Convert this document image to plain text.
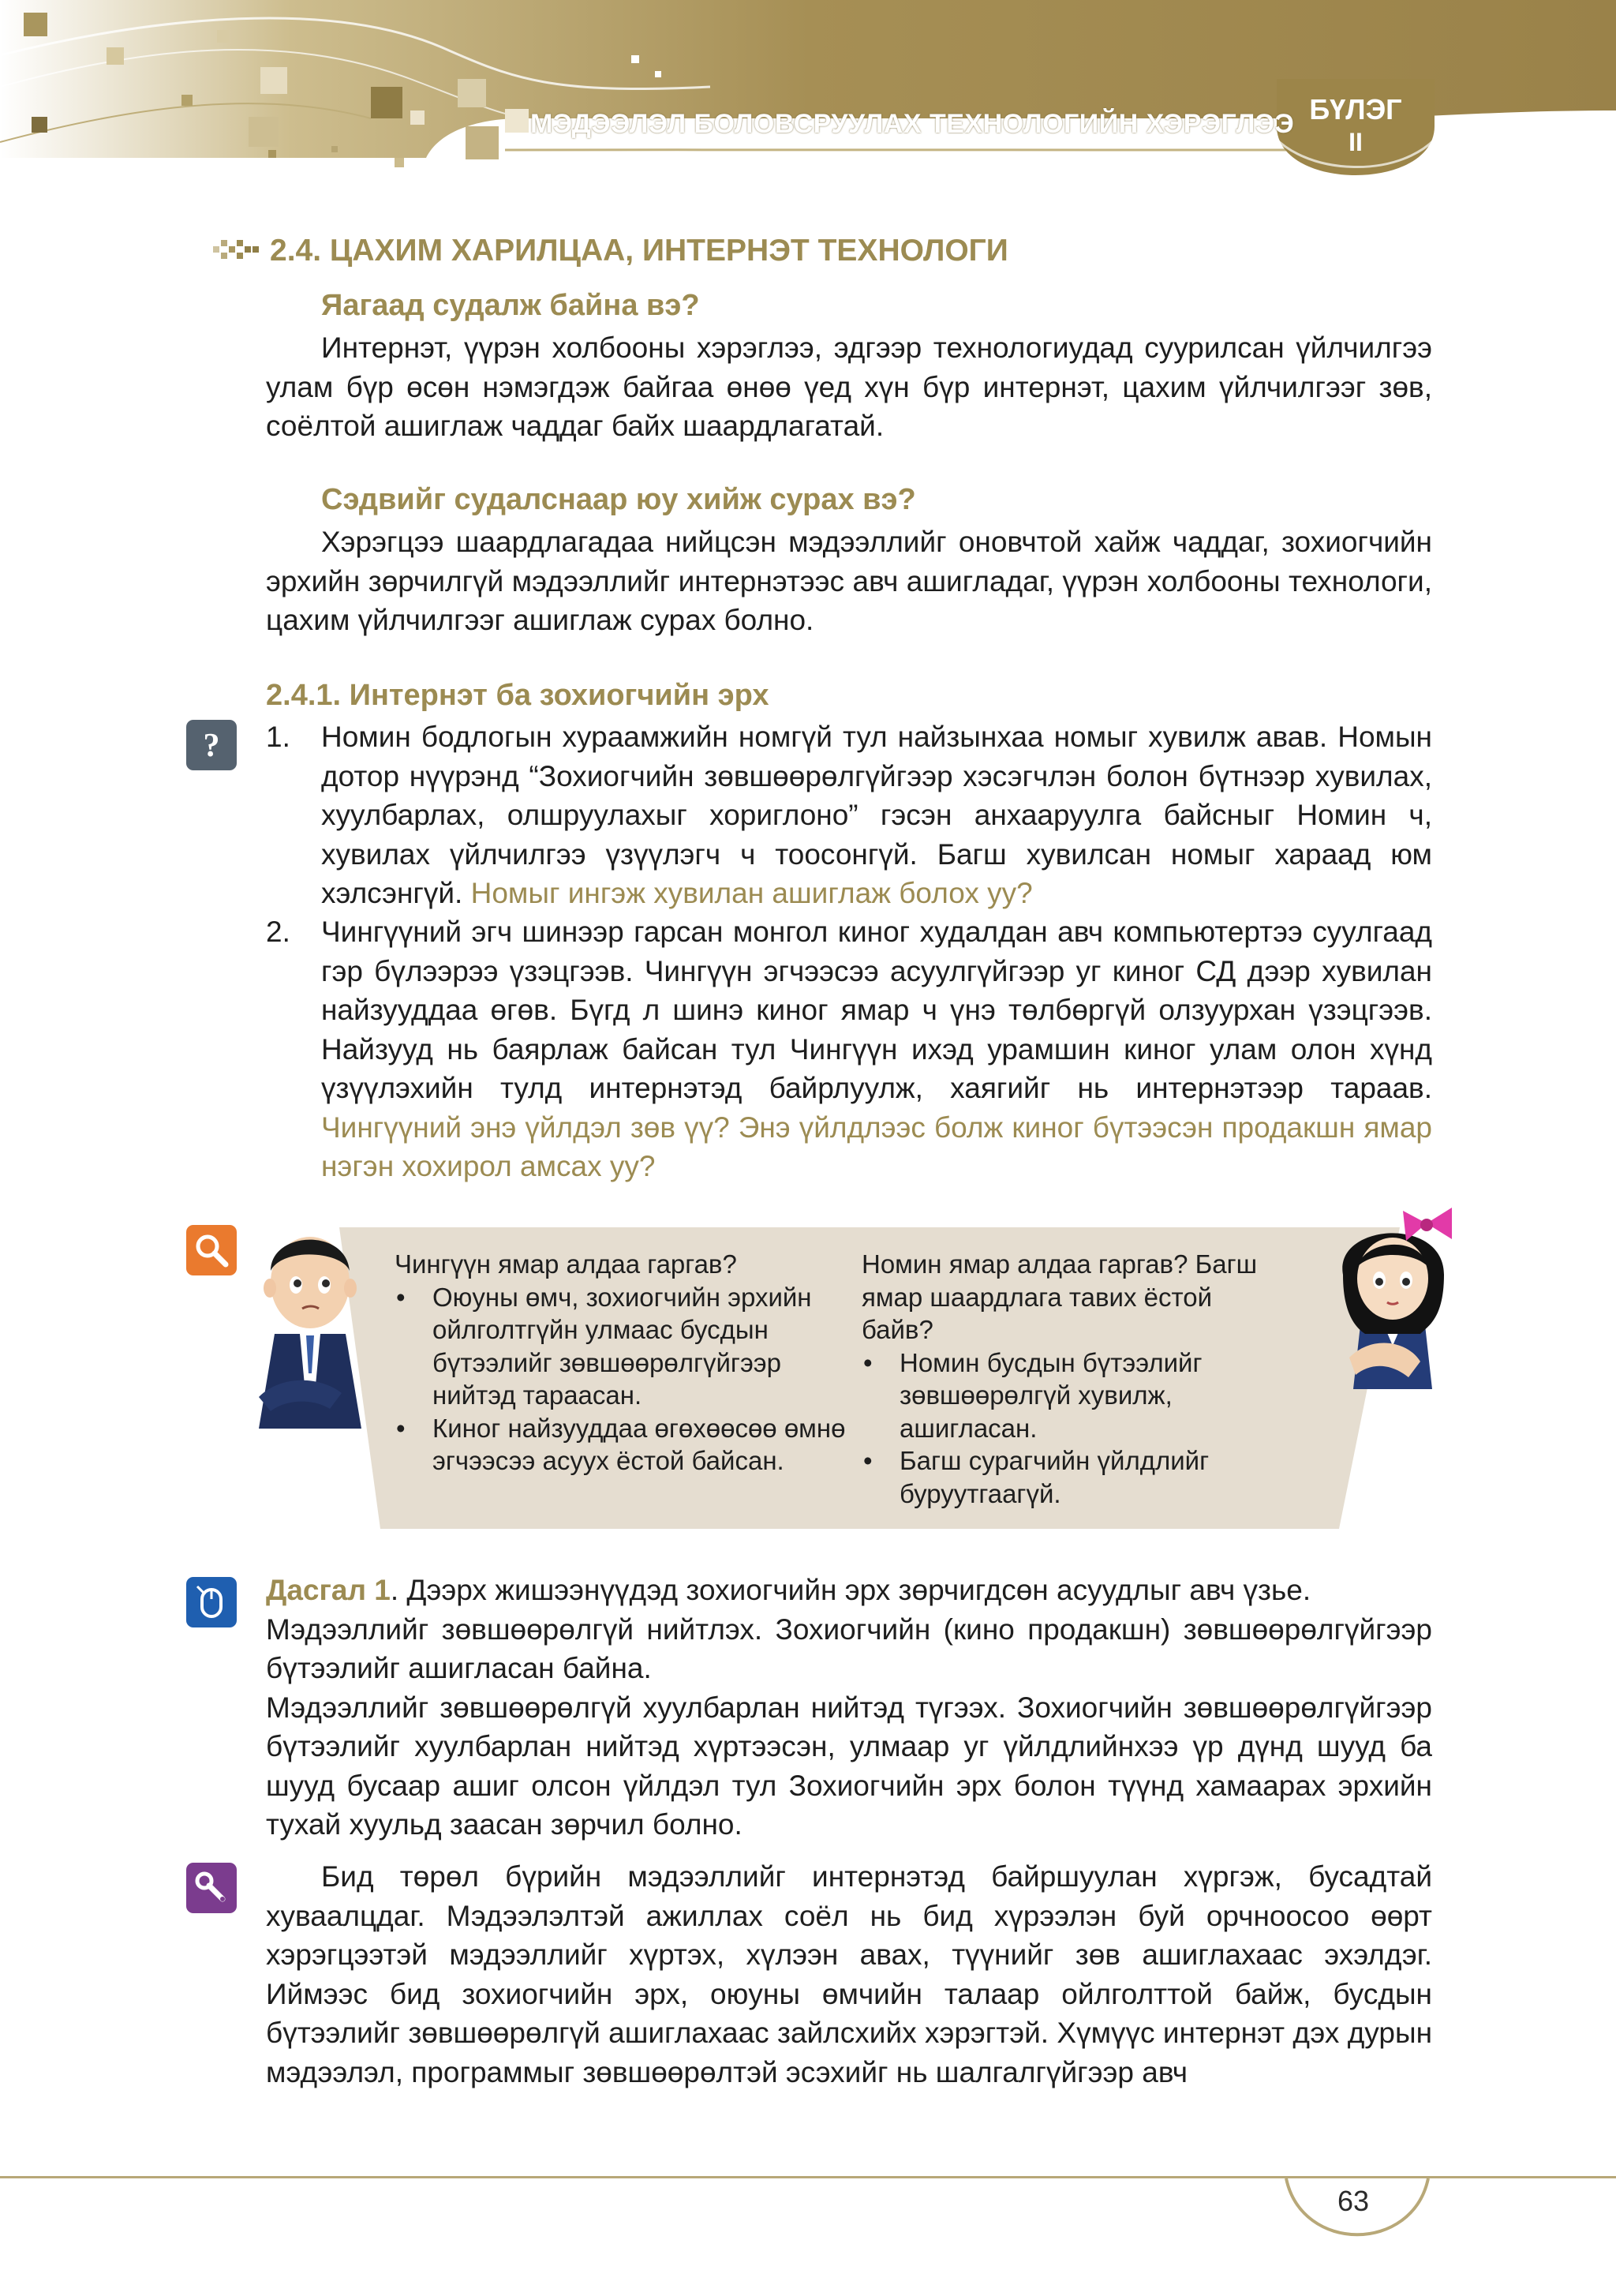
МЭДЭЭЛЭЛ БОЛОВСРУУЛАХ ТЕХНОЛОГИЙН ХЭРЭГЛЭЭ БҮЛЭГ
II
2.4. ЦАХИМ ХАРИЛЦАА, ИНТЕРНЭТ ТЕХНОЛОГИ
Яагаад судалж байна вэ?
Интернэт, үүрэн холбооны хэрэглээ, эдгээр технологиудад суурилсан үйлчилгээ улам бүр өсөн нэмэгдэж байгаа өнөө үед хүн бүр интернэт, цахим үйлчилгээг зөв, соёлтой ашиглаж чаддаг байх шаардлагатай.
Сэдвийг судалснаар юу хийж сурах вэ?
Хэрэгцээ шаардлагадаа нийцсэн мэдээллийг оновчтой хайж чаддаг, зохиогчийн эрхийн зөрчилгүй мэдээллийг интернэтээс авч ашигладаг, үүрэн холбооны технологи, цахим үйлчилгээг ашиглаж сурах болно.
2.4.1. Интернэт ба зохиогчийн эрх
? 1. Номин бодлогын хураамжийн номгүй тул найзынхаа номыг хувилж авав. Номын дотор нүүрэнд “Зохиогчийн зөвшөөрөлгүйгээр хэсэгчлэн болон бүтнээр хувилах, хуулбарлах, олшруулахыг хориглоно” гэсэн анхааруулга байсныг Номин ч, хувилах үйлчилгээ үзүүлэгч ч тоосонгүй. Багш хувилсан номыг хараад юм хэлсэнгүй. Номыг ингэж хувилан ашиглаж болох уу?
2. Чингүүний эгч шинээр гарсан монгол киног худалдан авч компьютертээ суулгаад гэр бүлээрээ үзэцгээв. Чингүүн эгчээсээ асуулгүйгээр уг киног СД дээр хувилан найзууддаа өгөв. Бүгд л шинэ киног ямар ч үнэ төлбөргүй олзуурхан үзэцгээв. Найзууд нь баярлаж байсан тул Чингүүн ихэд урамшин киног улам олон хүнд үзүүлэхийн тулд интернэтэд байрлуулж, хаягийг нь интернэтээр тараав. Чингүүний энэ үйлдэл зөв үү? Энэ үйлдлээс болж киног бүтээсэн продакшн ямар нэгэн хохирол амсах уу?
Чингүүн ямар алдаа гаргав?
• Оюуны өмч, зохиогчийн эрхийн ойлголтгүйн улмаас бусдын бүтээлийг зөвшөөрөлгүйгээр нийтэд тараасан.
• Киног найзууддаа өгөхөөсөө өмнө эгчээсээ асуух ёстой байсан.
Номин ямар алдаа гаргав? Багш ямар шаардлага тавих ёстой байв?
• Номин бусдын бүтээлийг зөвшөөрөлгүй хувилж, ашигласан.
• Багш сурагчийн үйлдлийг буруутгаагүй.
Дасгал 1. Дээрх жишээнүүдэд зохиогчийн эрх зөрчигдсөн асуудлыг авч үзье.
Мэдээллийг зөвшөөрөлгүй нийтлэх. Зохиогчийн (кино продакшн) зөвшөөрөлгүйгээр бүтээлийг ашигласан байна.
Мэдээллийг зөвшөөрөлгүй хуулбарлан нийтэд түгээх. Зохиогчийн зөвшөөрөлгүйгээр бүтээлийг хуулбарлан нийтэд хүртээсэн, улмаар уг үйлдлийнхээ үр дүнд шууд ба шууд бусаар ашиг олсон үйлдэл тул Зохиогчийн эрх болон түүнд хамаарах эрхийн тухай хуульд заасан зөрчил болно.
Бид төрөл бүрийн мэдээллийг интернэтэд байршуулан хүргэж, бусадтай хуваалцдаг. Мэдээлэлтэй ажиллах соёл нь бид хүрээлэн буй орчноосоо өөрт хэрэгцээтэй мэдээллийг хүртэх, хүлээн авах, түүнийг зөв ашиглахаас эхэлдэг. Иймээс бид зохиогчийн эрх, оюуны өмчийн талаар ойлголттой байж, бусдын бүтээлийг зөвшөөрөлгүй ашиглахаас зайлсхийх хэрэгтэй. Хүмүүс интернэт дэх дурын мэдээлэл, программыг зөвшөөрөлтэй эсэхийг нь шалгалгүйгээр авч
63
